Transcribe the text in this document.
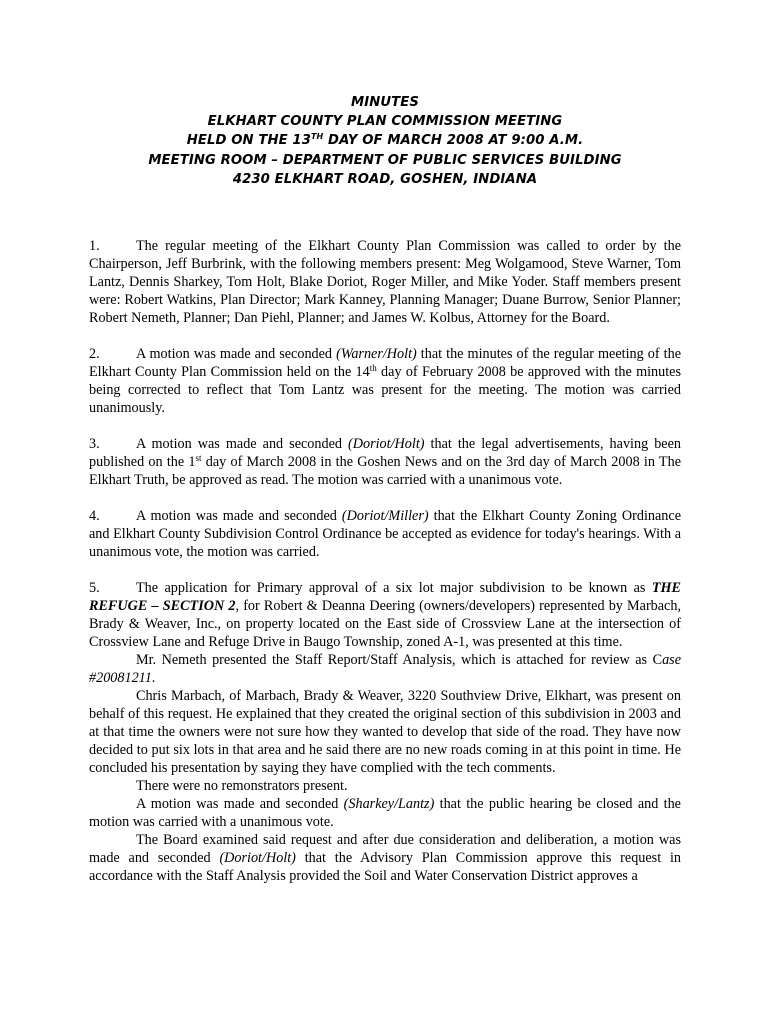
MINUTES
ELKHART COUNTY PLAN COMMISSION MEETING
HELD ON THE 13TH DAY OF MARCH 2008 AT 9:00 A.M.
MEETING ROOM – DEPARTMENT OF PUBLIC SERVICES BUILDING
4230 ELKHART ROAD, GOSHEN, INDIANA

1.	The regular meeting of the Elkhart County Plan Commission was called to order by the Chairperson, Jeff Burbrink, with the following members present: Meg Wolgamood, Steve Warner, Tom Lantz, Dennis Sharkey, Tom Holt, Blake Doriot, Roger Miller, and Mike Yoder. Staff members present were: Robert Watkins, Plan Director; Mark Kanney, Planning Manager; Duane Burrow, Senior Planner; Robert Nemeth, Planner; Dan Piehl, Planner; and James W. Kolbus, Attorney for the Board.

2.	A motion was made and seconded (Warner/Holt) that the minutes of the regular meeting of the Elkhart County Plan Commission held on the 14th day of February 2008 be approved with the minutes being corrected to reflect that Tom Lantz was present for the meeting. The motion was carried unanimously.

3.	A motion was made and seconded (Doriot/Holt) that the legal advertisements, having been published on the 1st day of March 2008 in the Goshen News and on the 3rd day of March 2008 in The Elkhart Truth, be approved as read. The motion was carried with a unanimous vote.

4.	A motion was made and seconded (Doriot/Miller) that the Elkhart County Zoning Ordinance and Elkhart County Subdivision Control Ordinance be accepted as evidence for today's hearings. With a unanimous vote, the motion was carried.

5.	The application for Primary approval of a six lot major subdivision to be known as THE REFUGE – SECTION 2, for Robert & Deanna Deering (owners/developers) represented by Marbach, Brady & Weaver, Inc., on property located on the East side of Crossview Lane at the intersection of Crossview Lane and Refuge Drive in Baugo Township, zoned A-1, was presented at this time.

Mr. Nemeth presented the Staff Report/Staff Analysis, which is attached for review as Case #20081211.

Chris Marbach, of Marbach, Brady & Weaver, 3220 Southview Drive, Elkhart, was present on behalf of this request. He explained that they created the original section of this subdivision in 2003 and at that time the owners were not sure how they wanted to develop that side of the road. They have now decided to put six lots in that area and he said there are no new roads coming in at this point in time. He concluded his presentation by saying they have complied with the tech comments.

There were no remonstrators present.

A motion was made and seconded (Sharkey/Lantz) that the public hearing be closed and the motion was carried with a unanimous vote.

The Board examined said request and after due consideration and deliberation, a motion was made and seconded (Doriot/Holt) that the Advisory Plan Commission approve this request in accordance with the Staff Analysis provided the Soil and Water Conservation District approves a
